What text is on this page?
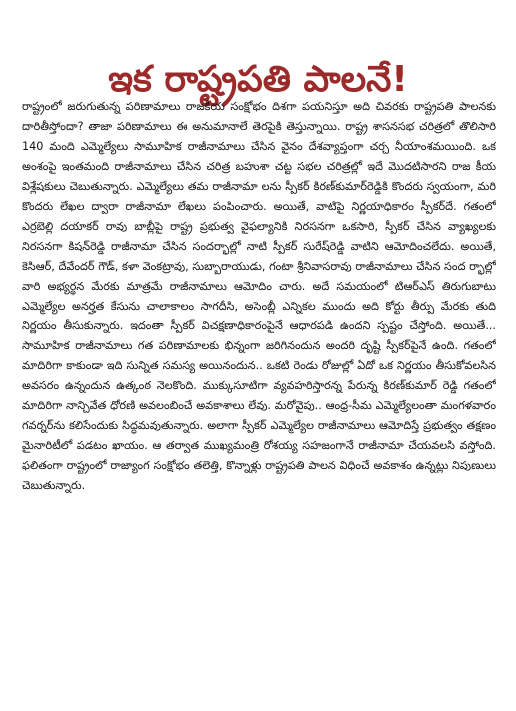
ఇక రాష్ట్రపతి పాలనే!

రాష్ట్రంలో జరుగుతున్న పరిణామాలు రాజకీయ సంక్షోభం దిశగా పయనిస్తూ అది చివరకు రాష్ట్రపతి పాలనకు దారితీస్తోందా? తాజా పరిణామాలు ఈ అనుమానాలే తెరపైకి తెస్తున్నాయి. రాష్ట్ర శాసనసభ చరిత్రలో తొలిసారి 140 మంది ఎమ్మెల్యేలు సామూహిక రాజీనామాలు చేసిన వైనం దేశవ్యాప్తంగా చర్చ నీయాంశమయింది. ఒక అంశంపై ఇంతమంది రాజీనామాలు చేసిన చరిత్ర బహుశా చట్ట సభల చరిత్రల్లో ఇదే మొదటిసారని రాజ కీయ విశ్లేషకులు చెబుతున్నారు. ఎమ్మెల్యేలు తమ రాజీనామా లను స్పీకర్ కిరణ్‌కుమార్‌రెడ్డికి కొందరు స్వయంగా, మరి కొందరు లేఖల ద్వారా రాజీనామా లేఖలు పంపించారు. అయితే, వాటిపై నిర్ణయాధికారం స్పీకర్‌దే. గతంలో ఎర్రబెల్లి దయాకర్ రావు బాబ్లీపై రాష్ట్ర ప్రభుత్వ వైఫల్యానికి నిరసనగా ఒకసారి, స్పీకర్ చేసిన వ్యాఖ్యలకు నిరసనగా కిషన్‌రెడ్డి రాజీనామా చేసిన సందర్భాల్లో నాటి స్పీకర్ సురేష్‌రెడ్డి వాటిని ఆమోదించలేదు. అయితే, కెసిఆర్, దేవేందర్ గౌడ్, కళా వెంకట్రావు, సుబ్బారాయుడు, గంటా శ్రీనివాసరావు రాజీనామాలు చేసిన సంద ర్భాల్లో వారి అభ్యర్థన మేరకు మాత్రమే రాజీనామాలు ఆమోదిం చారు. అదే సమయంలో టిఆర్‌ఎస్ తిరుగుబాటు ఎమ్మెల్యేల అనర్హత కేసును చాలాకాలం సాగదీసి, అసెంబ్లీ ఎన్నికల ముందు అది కోర్టు తీర్పు మేరకు తుది నిర్ణయం తీసుకున్నారు. ఇదంతా స్పీకర్ విచక్షణాధికారంపైనే ఆధారపడి ఉందని స్పష్టం చేస్తోంది. అయితే... సామూహిక రాజీనామాలు గత పరిణామాలకు భిన్నంగా జరిగినందున అందరి దృష్టి స్పీకర్‌పైనే ఉంది. గతంలో మాదిరిగా కాకుండా ఇది సున్నిత సమస్య అయినందున.. ఒకటి రెండు రోజుల్లో ఏదో ఒక నిర్ణయం తీసుకోవలసిన అవసరం ఉన్నందున ఉత్కంఠ నెలకొంది. ముక్కుసూటిగా వ్యవహరిస్తారన్న పేరున్న కిరణ్‌కుమార్ రెడ్డి గతంలో మాదిరిగా నాన్చివేత ధోరణి అవలంబించే అవకాశాలు లేవు. మరోవైపు.. ఆంధ్ర-సీమ ఎమ్మెల్యేలంతా మంగళవారం గవర్నర్‌ను కలిసేందుకు సిద్ధమవుతున్నారు. అలాగా స్పీకర్ ఎమ్మెల్యేల రాజీనామాలు ఆమోదిస్తే ప్రభుత్వం తక్షణం మైనారిటీలో పడటం ఖాయం. ఆ తర్వాత ముఖ్యమంత్రి రోశయ్య సహజంగానే రాజీనామా చేయవలసి వస్తోంది. ఫలితంగా రాష్ట్రంలో రాజ్యాంగ సంక్షోభం తలెత్తి, కొన్నాళ్లు రాష్ట్రపతి పాలన విధించే అవకాశం ఉన్నట్లు నిపుణులు చెబుతున్నారు.
